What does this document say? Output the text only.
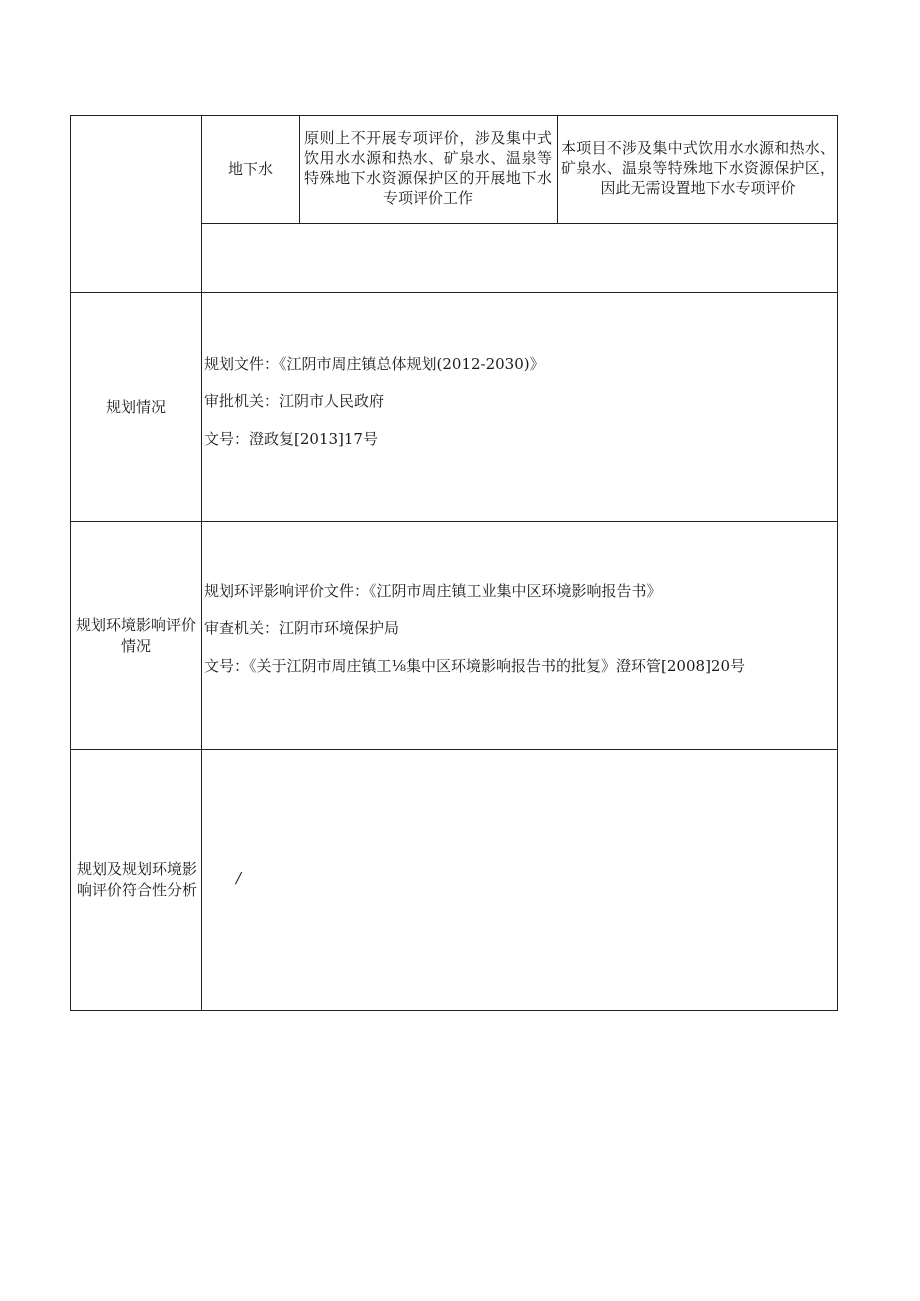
地下水
原则上不开展专项评价，涉及集中式饮用水水源和热水、矿泉水、温泉等特殊地下水资源保护区的开展地下水专项评价工作
本项目不涉及集中式饮用水水源和热水、矿泉水、温泉等特殊地下水资源保护区，因此无需设置地下水专项评价
规划情况
规划文件：《江阴市周庄镇总体规划(2012-2030)》
审批机关：江阴市人民政府
文号：澄政复[2013]17号
规划环境影响评价情况
规划环评影响评价文件：《江阴市周庄镇工业集中区环境影响报告书》
审查机关：江阴市环境保护局
文号：《关于江阴市周庄镇工⅛集中区环境影响报告书的批复》澄环管[2008]20号
规划及规划环境影响评价符合性分析
/
